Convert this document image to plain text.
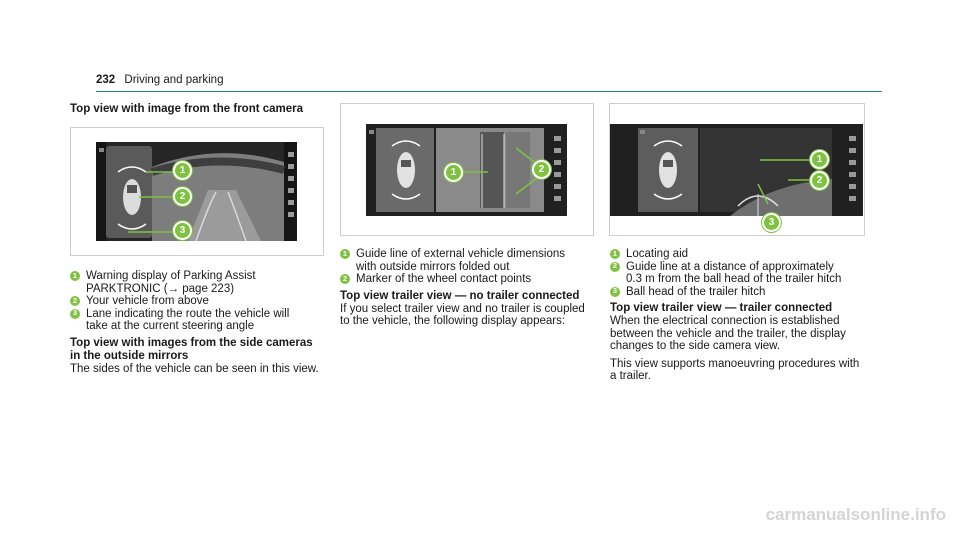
232 Driving and parking
Top view with image from the front camera
1
2
3
1 Warning display of Parking Assist
PARKTRONIC (→ page 223)
2 Your vehicle from above
3 Lane indicating the route the vehicle will
take at the current steering angle
Top view with images from the side cameras
in the outside mirrors
The sides of the vehicle can be seen in this view.
1	2
1 Guide line of external vehicle dimensions
with outside mirrors folded out
2 Marker of the wheel contact points
Top view trailer view — no trailer connected
If you select trailer view and no trailer is coupled
to the vehicle, the following display appears:
1
2
3
1 Locating aid
2 Guide line at a distance of approximately
0.3 m from the ball head of the trailer hitch
3 Ball head of the trailer hitch
Top view trailer view — trailer connected
When the electrical connection is established
between the vehicle and the trailer, the display
changes to the side camera view.
This view supports manoeuvring procedures with
a trailer.
carmanualsonline.info
